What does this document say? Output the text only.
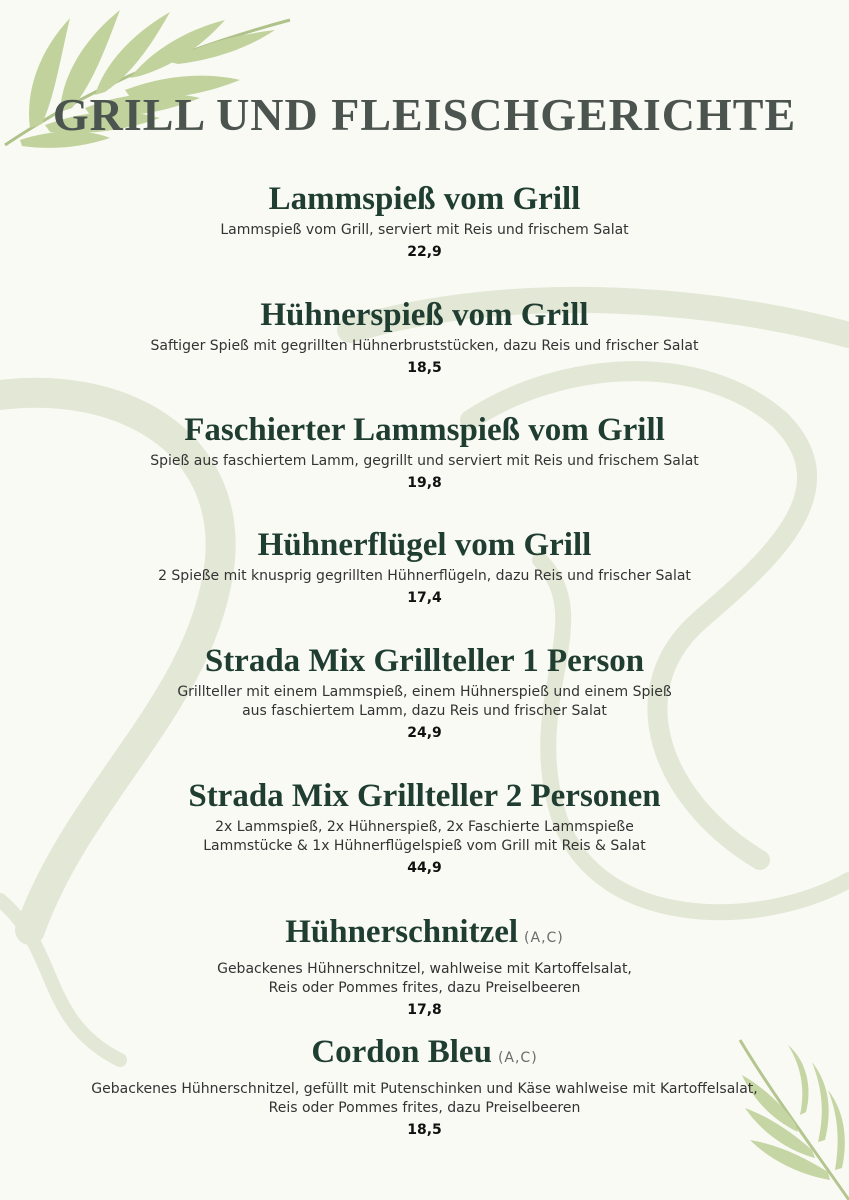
GRILL UND FLEISCHGERICHTE
Lammspieß vom Grill
Lammspieß vom Grill, serviert mit Reis und frischem Salat
22,9
Hühnerspieß vom Grill
Saftiger Spieß mit gegrillten Hühnerbruststücken, dazu Reis und frischer Salat
18,5
Faschierter Lammspieß vom Grill
Spieß aus faschiertem Lamm, gegrillt und serviert mit Reis und frischem Salat
19,8
Hühnerflügel vom Grill
2 Spieße mit knusprig gegrillten Hühnerflügeln, dazu Reis und frischer Salat
17,4
Strada Mix Grillteller 1 Person
Grillteller mit einem Lammspieß, einem Hühnerspieß und einem Spieß
aus faschiertem Lamm, dazu Reis und frischer Salat
24,9
Strada Mix Grillteller 2 Personen
2x Lammspieß, 2x Hühnerspieß, 2x Faschierte Lammspieße
Lammstücke & 1x Hühnerflügelspieß vom Grill mit Reis & Salat
44,9
Hühnerschnitzel (A,C)
Gebackenes Hühnerschnitzel, wahlweise mit Kartoffelsalat,
Reis oder Pommes frites, dazu Preiselbeeren
17,8
Cordon Bleu (A,C)
Gebackenes Hühnerschnitzel, gefüllt mit Putenschinken und Käse wahlweise mit Kartoffelsalat,
Reis oder Pommes frites, dazu Preiselbeeren
18,5
